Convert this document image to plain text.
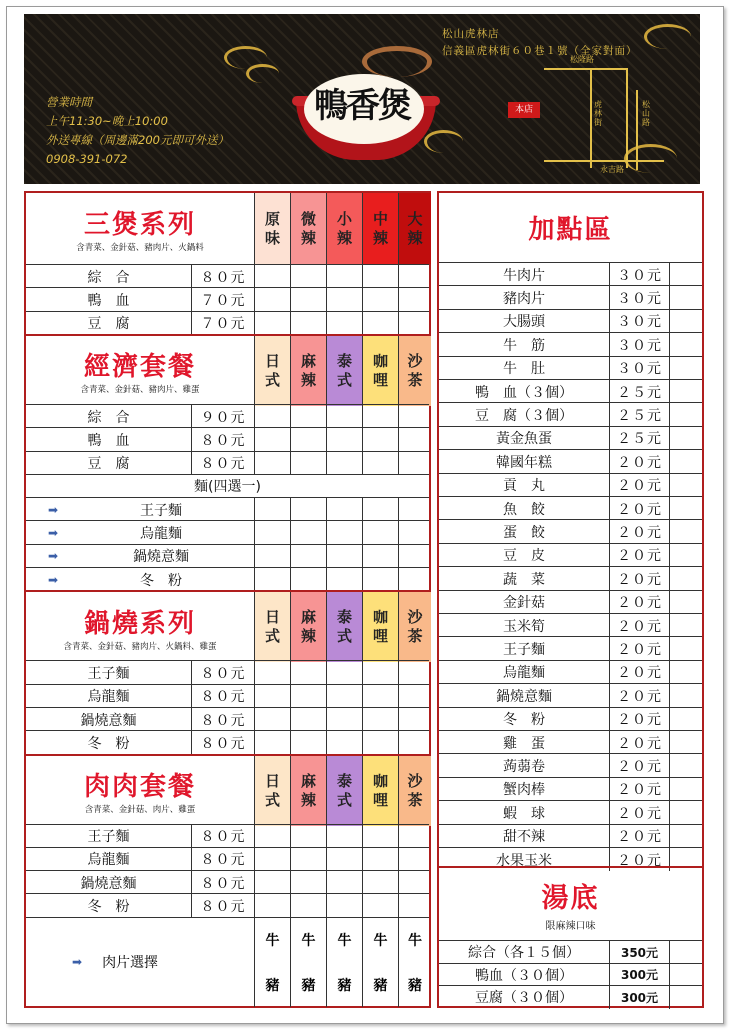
營業時間
上午11:30~晚上10:00
外送專線（周邊滿200元即可外送）
0908-391-072
鴨香煲
松山虎林店
信義區虎林街６０巷１號（全家對面）
松隆路
虎林街
松山路
永吉路
本店
三煲系列
含青菜、金針菇、豬肉片、火鍋料
原味
微辣
小辣
中辣
大辣
綜　合	８０元
鴨　血	７０元
豆　腐	７０元
經濟套餐
含青菜、金針菇、豬肉片、雞蛋
日式
麻辣
泰式
咖哩
沙茶
綜　合	９０元
鴨　血	８０元
豆　腐	８０元
麵(四選一)
➡	王子麵
➡	烏龍麵
➡	鍋燒意麵
➡	冬　粉
鍋燒系列
含青菜、金針菇、豬肉片、火鍋料、雞蛋
日式
麻辣
泰式
咖哩
沙茶
王子麵	８０元
烏龍麵	８０元
鍋燒意麵	８０元
冬　粉	８０元
肉肉套餐
含青菜、金針菇、肉片、雞蛋
日式
麻辣
泰式
咖哩
沙茶
王子麵	８０元
烏龍麵	８０元
鍋燒意麵	８０元
冬　粉	８０元
➡ 肉片選擇
牛
豬
牛
豬
牛
豬
牛
豬
牛
豬
加點區
牛肉片	３０元
豬肉片	３０元
大腸頭	３０元
牛　筋	３０元
牛　肚	３０元
鴨　血（３個）	２５元
豆　腐（３個）	２５元
黃金魚蛋	２５元
韓國年糕	２０元
貢　丸	２０元
魚　餃	２０元
蛋　餃	２０元
豆　皮	２０元
蔬　菜	２０元
金針菇	２０元
玉米筍	２０元
王子麵	２０元
烏龍麵	２０元
鍋燒意麵	２０元
冬　粉	２０元
雞　蛋	２０元
蒟蒻卷	２０元
蟹肉棒	２０元
蝦　球	２０元
甜不辣	２０元
水果玉米	２０元
湯底
限麻辣口味
綜合（各１５個）	350元
鴨血（３０個）	300元
豆腐（３０個）	300元
